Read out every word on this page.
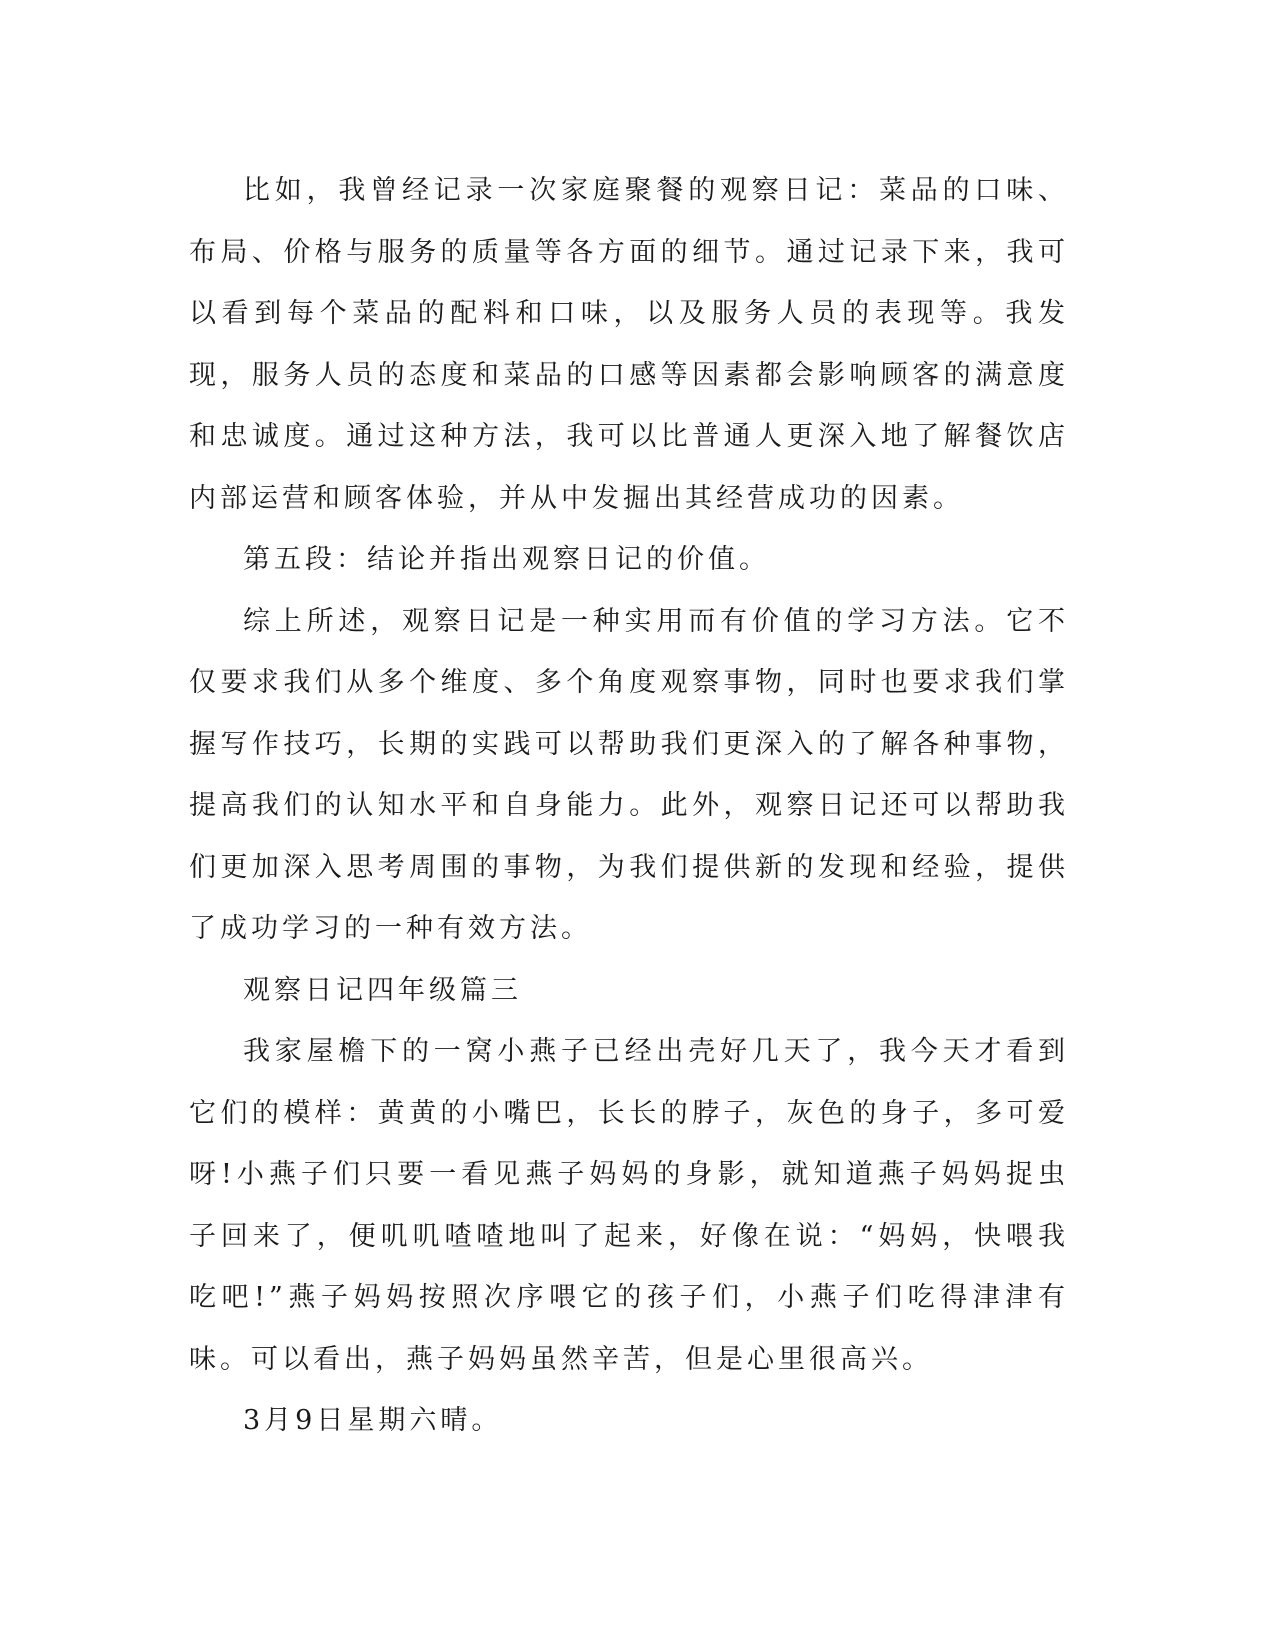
比如，我曾经记录一次家庭聚餐的观察日记：菜品的口味、布局、价格与服务的质量等各方面的细节。通过记录下来，我可以看到每个菜品的配料和口味，以及服务人员的表现等。我发现，服务人员的态度和菜品的口感等因素都会影响顾客的满意度和忠诚度。通过这种方法，我可以比普通人更深入地了解餐饮店内部运营和顾客体验，并从中发掘出其经营成功的因素。

第五段：结论并指出观察日记的价值。

综上所述，观察日记是一种实用而有价值的学习方法。它不仅要求我们从多个维度、多个角度观察事物，同时也要求我们掌握写作技巧，长期的实践可以帮助我们更深入的了解各种事物，提高我们的认知水平和自身能力。此外，观察日记还可以帮助我们更加深入思考周围的事物，为我们提供新的发现和经验，提供了成功学习的一种有效方法。

观察日记四年级篇三

我家屋檐下的一窝小燕子已经出壳好几天了，我今天才看到它们的模样：黄黄的小嘴巴，长长的脖子，灰色的身子，多可爱呀!小燕子们只要一看见燕子妈妈的身影，就知道燕子妈妈捉虫子回来了，便叽叽喳喳地叫了起来，好像在说：“妈妈，快喂我吃吧!”燕子妈妈按照次序喂它的孩子们，小燕子们吃得津津有味。可以看出，燕子妈妈虽然辛苦，但是心里很高兴。

3月9日星期六晴。
